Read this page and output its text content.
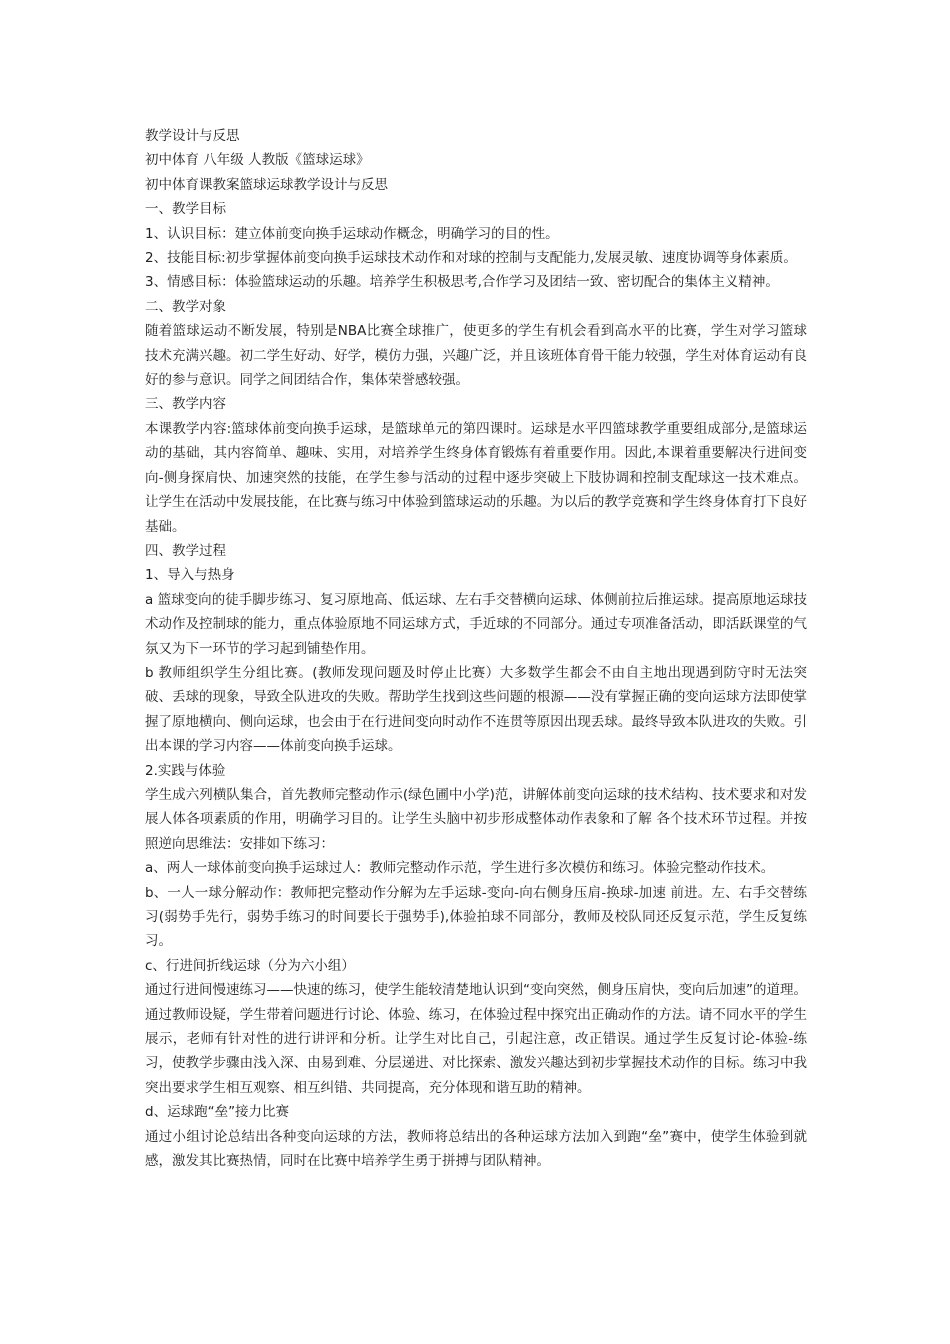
教学设计与反思

初中体育 八年级 人教版《篮球运球》

初中体育课教案篮球运球教学设计与反思

一、教学目标

1、认识目标：建立体前变向换手运球动作概念，明确学习的目的性。

2、技能目标:初步掌握体前变向换手运球技术动作和对球的控制与支配能力,发展灵敏、速度协调等身体素质。

3、情感目标：体验篮球运动的乐趣。培养学生积极思考,合作学习及团结一致、密切配合的集体主义精神。

二、教学对象

随着篮球运动不断发展，特别是NBA比赛全球推广，使更多的学生有机会看到高水平的比赛，学生对学习篮球技术充满兴趣。初二学生好动、好学，模仿力强，兴趣广泛，并且该班体育骨干能力较强，学生对体育运动有良好的参与意识。同学之间团结合作，集体荣誉感较强。

三、教学内容

本课教学内容:篮球体前变向换手运球，是篮球单元的第四课时。运球是水平四篮球教学重要组成部分,是篮球运动的基础，其内容简单、趣味、实用，对培养学生终身体育锻炼有着重要作用。因此,本课着重要解决行进间变向-侧身探肩快、加速突然的技能，在学生参与活动的过程中逐步突破上下肢协调和控制支配球这一技术难点。让学生在活动中发展技能，在比赛与练习中体验到篮球运动的乐趣。为以后的教学竞赛和学生终身体育打下良好基础。

四、教学过程

1、导入与热身

a 篮球变向的徒手脚步练习、复习原地高、低运球、左右手交替横向运球、体侧前拉后推运球。提高原地运球技术动作及控制球的能力，重点体验原地不同运球方式，手近球的不同部分。通过专项准备活动，即活跃课堂的气氛又为下一环节的学习起到铺垫作用。

b 教师组织学生分组比赛。(教师发现问题及时停止比赛）大多数学生都会不由自主地出现遇到防守时无法突破、丢球的现象，导致全队进攻的失败。帮助学生找到这些问题的根源——没有掌握正确的变向运球方法即使掌握了原地横向、侧向运球，也会由于在行进间变向时动作不连贯等原因出现丢球。最终导致本队进攻的失败。引出本课的学习内容——体前变向换手运球。

2.实践与体验

学生成六列横队集合，首先教师完整动作示(绿色圃中小学)范，讲解体前变向运球的技术结构、技术要求和对发展人体各项素质的作用，明确学习目的。让学生头脑中初步形成整体动作表象和了解 各个技术环节过程。并按照逆向思维法：安排如下练习：

a、两人一球体前变向换手运球过人：教师完整动作示范，学生进行多次模仿和练习。体验完整动作技术。

b、一人一球分解动作：教师把完整动作分解为左手运球-变向-向右侧身压肩-换球-加速 前进。左、右手交替练习(弱势手先行，弱势手练习的时间要长于强势手),体验拍球不同部分，教师及校队同还反复示范，学生反复练习。

c、行进间折线运球（分为六小组）

通过行进间慢速练习——快速的练习，使学生能较清楚地认识到“变向突然，侧身压肩快，变向后加速”的道理。通过教师设疑，学生带着问题进行讨论、体验、练习，在体验过程中探究出正确动作的方法。请不同水平的学生展示，老师有针对性的进行讲评和分析。让学生对比自己，引起注意，改正错误。通过学生反复讨论-体验-练习，使教学步骤由浅入深、由易到难、分层递进、对比探索、激发兴趣达到初步掌握技术动作的目标。练习中我突出要求学生相互观察、相互纠错、共同提高，充分体现和谐互助的精神。

d、运球跑“垒”接力比赛

通过小组讨论总结出各种变向运球的方法，教师将总结出的各种运球方法加入到跑“垒”赛中，使学生体验到就感，激发其比赛热情，同时在比赛中培养学生勇于拼搏与团队精神。
